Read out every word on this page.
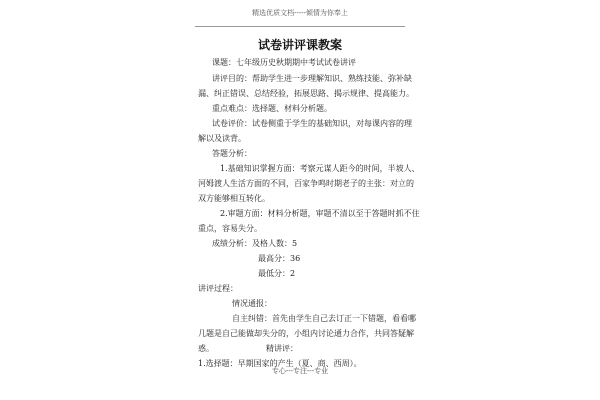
精选优质文档-----倾情为你奉上
试卷讲评课教案
课题：七年级历史秋期期中考试试卷讲评
讲评目的：帮助学生进一步理解知识、熟练技能、弥补缺
漏、纠正错误、总结经验，拓展思路、揭示规律、提高能力。
重点难点：选择题、材料分析题。
试卷评价：试卷侧重于学生的基础知识，对每课内容的理
解以及读背。
答题分析：
1.基础知识掌握方面：考察元谋人距今的时间，半坡人、
河姆渡人生活方面的不同，百家争鸣时期老子的主张：对立的
双方能够相互转化。
2.审题方面：材料分析题，审题不清以至于答题时抓不住
重点，容易失分。
成绩分析：及格人数：5
最高分：36
最低分：2
讲评过程：
情况通报：
自主纠错：首先由学生自己去订正一下错题，看看哪
几题是自己能做却失分的，小组内讨论通力合作，共同答疑解
惑。　　　　　　　精讲评：
1.选择题：早期国家的产生（夏、商、西周）。
专心---专注---专业
